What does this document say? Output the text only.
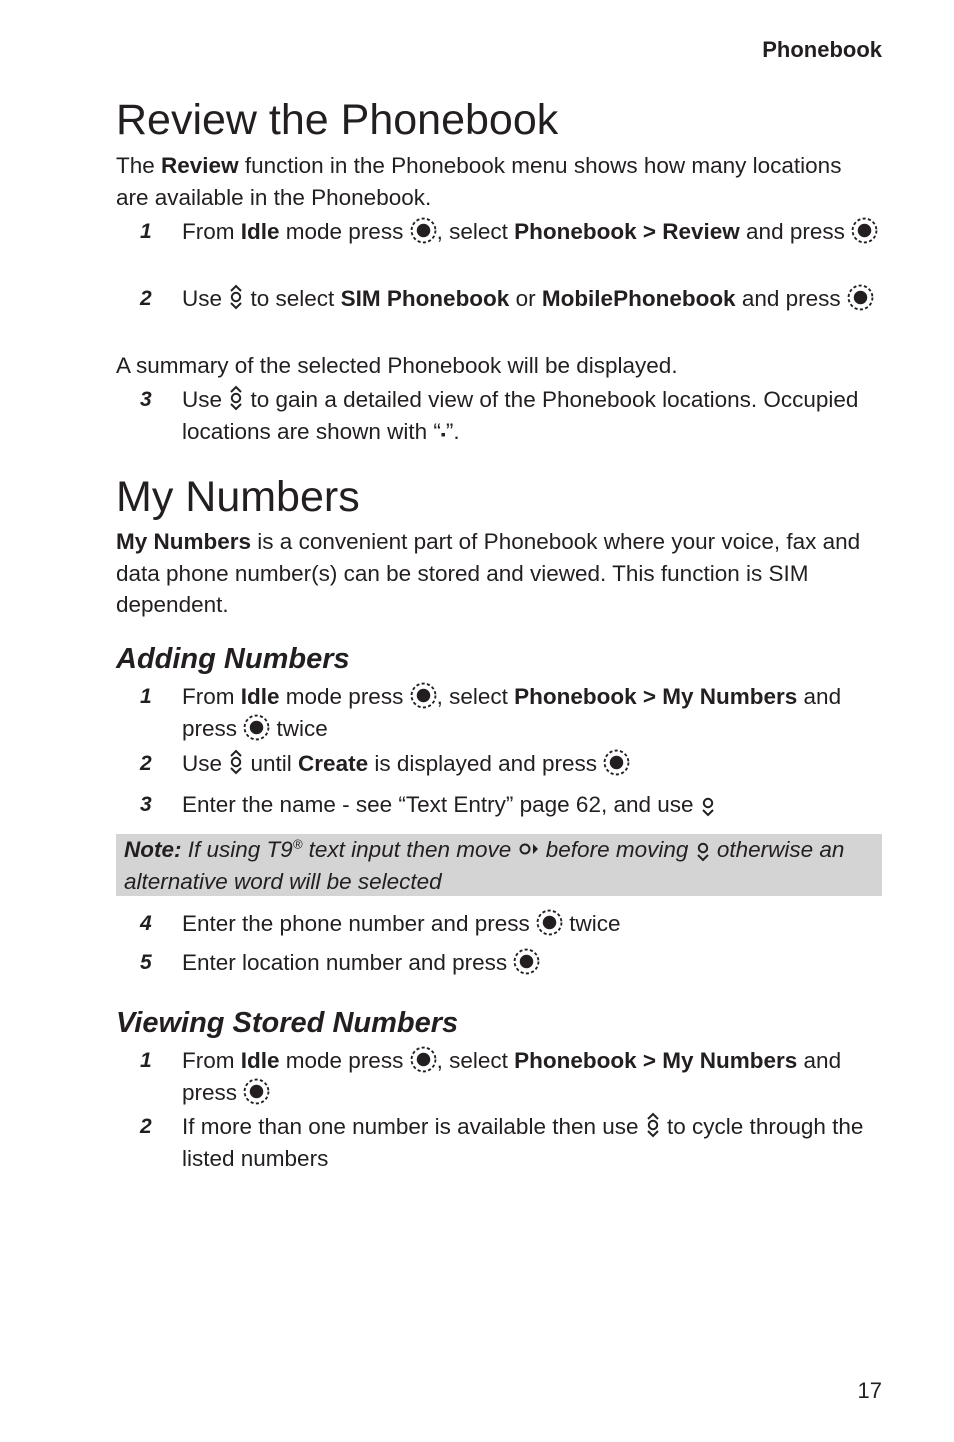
Phonebook
Review the Phonebook
The Review function in the Phonebook menu shows how many locations are available in the Phonebook.
1 From Idle mode press , select Phonebook > Review and press
2 Use  to select SIM Phonebook or MobilePhonebook and press
A summary of the selected Phonebook will be displayed.
3 Use  to gain a detailed view of the Phonebook locations. Occupied locations are shown with “▪”.
My Numbers
My Numbers is a convenient part of Phonebook where your voice, fax and data phone number(s) can be stored and viewed. This function is SIM dependent.
Adding Numbers
1 From Idle mode press , select Phonebook > My Numbers and press  twice
2 Use  until Create is displayed and press
3 Enter the name - see “Text Entry” page 62, and use
Note: If using T9® text input then move  before moving  otherwise an alternative word will be selected
4 Enter the phone number and press  twice
5 Enter location number and press
Viewing Stored Numbers
1 From Idle mode press , select Phonebook > My Numbers and press
2 If more than one number is available then use  to cycle through the listed numbers
17
